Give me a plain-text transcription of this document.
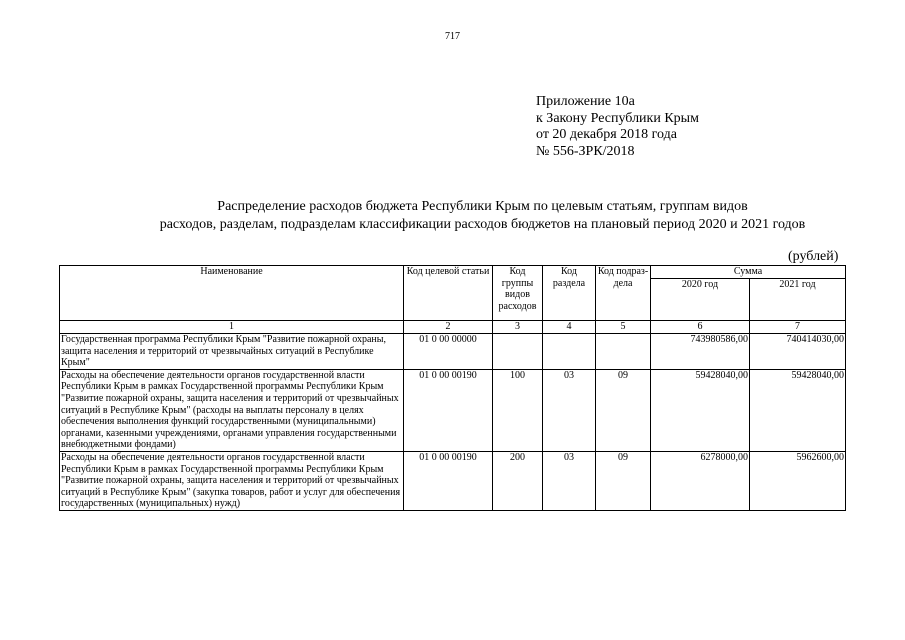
717
Приложение 10а
к Закону Республики Крым
от 20 декабря 2018 года
№ 556-ЗРК/2018
Распределение расходов бюджета Республики Крым по целевым статьям, группам видов
расходов, разделам, подразделам классификации расходов бюджетов на плановый период 2020 и 2021 годов
(рублей)
Наименование	Код целевой статьи	Код группы видов расходов	Код раздела	Код подраз-дела	Сумма	
					2020 год	2021 год
1	2	3	4	5	6	7
Государственная программа Республики Крым "Развитие пожарной охраны, защита населения и территорий от чрезвычайных ситуаций в Республике Крым"	01 0 00 00000				743980586,00	740414030,00
Расходы на обеспечение деятельности органов государственной власти Республики Крым в рамках Государственной программы Республики Крым "Развитие пожарной охраны, защита населения и территорий от чрезвычайных ситуаций в Республике Крым" (расходы на выплаты персоналу в целях обеспечения выполнения функций государственными (муниципальными) органами, казенными учреждениями, органами управления государственными внебюджетными фондами)	01 0 00 00190	100	03	09	59428040,00	59428040,00
Расходы на обеспечение деятельности органов государственной власти Республики Крым в рамках Государственной программы Республики Крым "Развитие пожарной охраны, защита населения и территорий от чрезвычайных ситуаций в Республике Крым" (закупка товаров, работ и услуг для обеспечения государственных (муниципальных) нужд)	01 0 00 00190	200	03	09	6278000,00	5962600,00
